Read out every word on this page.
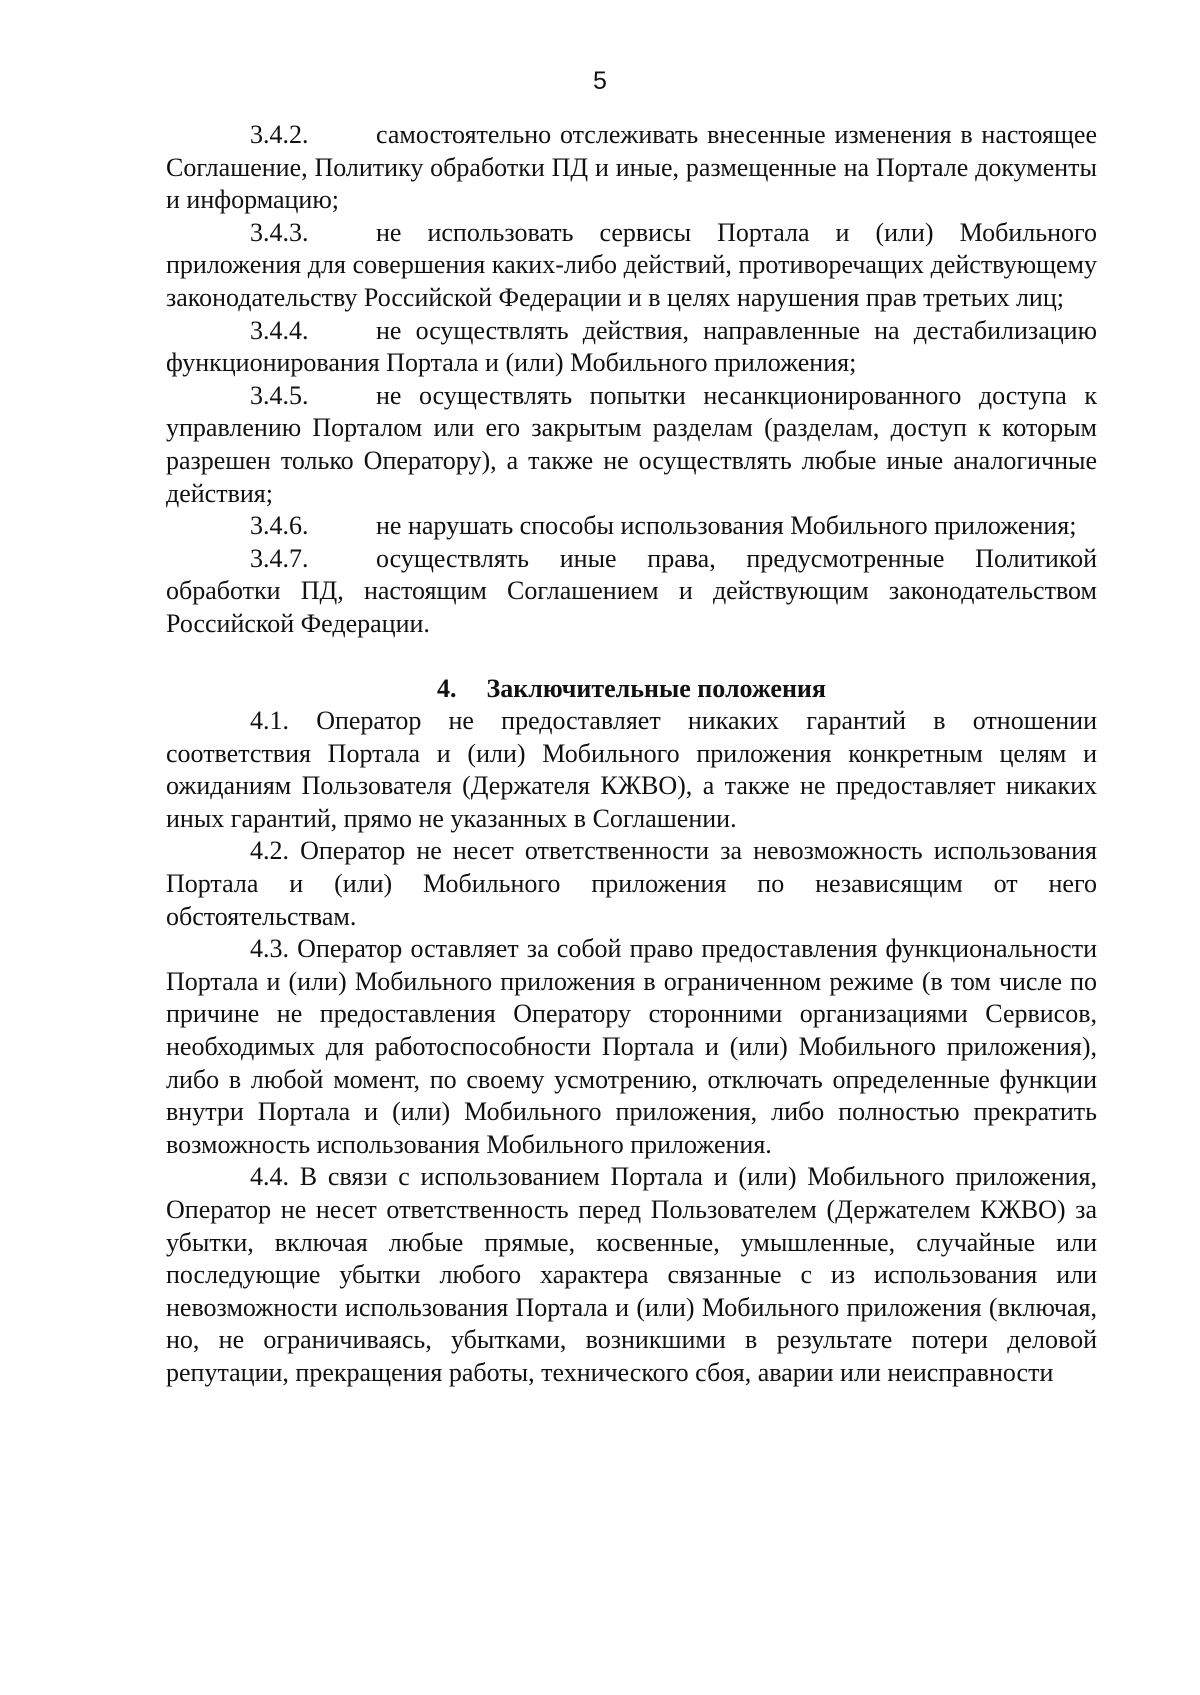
5

3.4.2.	самостоятельно отслеживать внесенные изменения в настоящее Соглашение, Политику обработки ПД и иные, размещенные на Портале документы и информацию;

3.4.3.	не использовать сервисы Портала и (или) Мобильного приложения для совершения каких-либо действий, противоречащих действующему законодательству Российской Федерации и в целях нарушения прав третьих лиц;

3.4.4.	не осуществлять действия, направленные на дестабилизацию функционирования Портала и (или) Мобильного приложения;

3.4.5.	не осуществлять попытки несанкционированного доступа к управлению Порталом или его закрытым разделам (разделам, доступ к которым разрешен только Оператору), а также не осуществлять любые иные аналогичные действия;

3.4.6.	не нарушать способы использования Мобильного приложения;

3.4.7.	осуществлять иные права, предусмотренные Политикой обработки ПД, настоящим Соглашением и действующим законодательством Российской Федерации.

4. Заключительные положения

4.1. Оператор не предоставляет никаких гарантий в отношении соответствия Портала и (или) Мобильного приложения конкретным целям и ожиданиям Пользователя (Держателя КЖВО), а также не предоставляет никаких иных гарантий, прямо не указанных в Соглашении.

4.2. Оператор не несет ответственности за невозможность использования Портала и (или) Мобильного приложения по независящим от него обстоятельствам.

4.3. Оператор оставляет за собой право предоставления функциональности Портала и (или) Мобильного приложения в ограниченном режиме (в том числе по причине не предоставления Оператору сторонними организациями Сервисов, необходимых для работоспособности Портала и (или) Мобильного приложения), либо в любой момент, по своему усмотрению, отключать определенные функции внутри Портала и (или) Мобильного приложения, либо полностью прекратить возможность использования Мобильного приложения.

4.4. В связи с использованием Портала и (или) Мобильного приложения, Оператор не несет ответственность перед Пользователем (Держателем КЖВО) за убытки, включая любые прямые, косвенные, умышленные, случайные или последующие убытки любого характера связанные с из использования или невозможности использования Портала и (или) Мобильного приложения (включая, но, не ограничиваясь, убытками, возникшими в результате потери деловой репутации, прекращения работы, технического сбоя, аварии или неисправности
